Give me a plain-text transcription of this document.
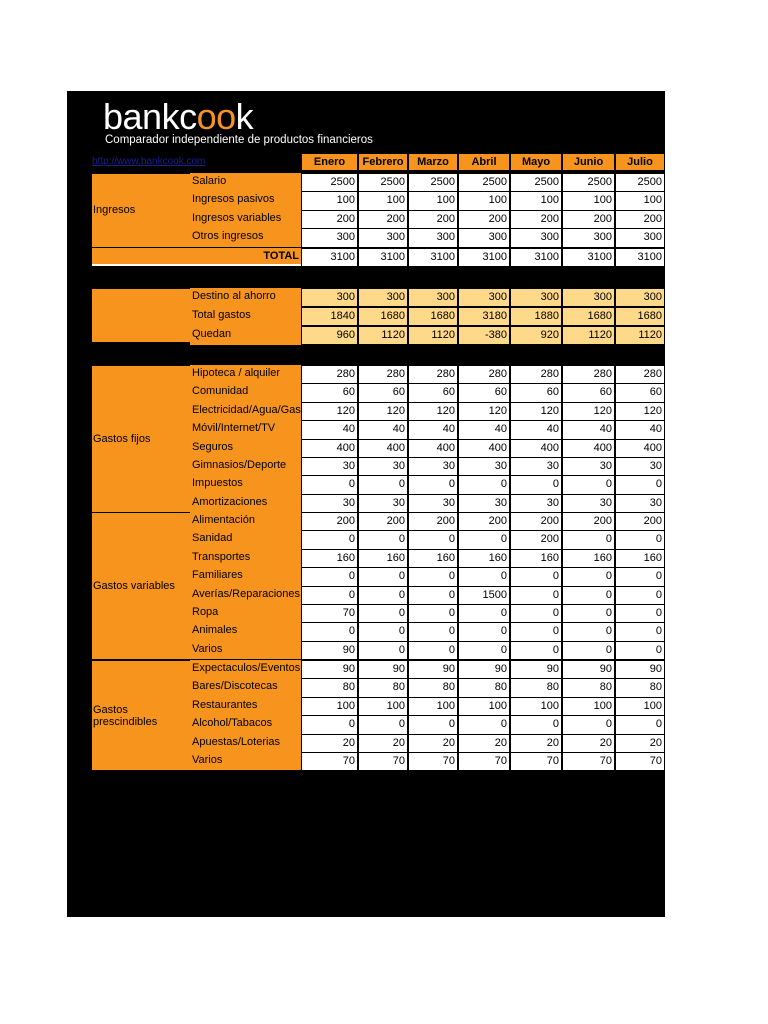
bankcook
Comparador independiente de productos financieros
http://www.bankcook.com	Enero	Febrero	Marzo	Abril	Mayo	Junio	Julio
Ingresos
Salario	2500	2500	2500	2500	2500	2500	2500
Ingresos pasivos	100	100	100	100	100	100	100
Ingresos variables	200	200	200	200	200	200	200
Otros ingresos	300	300	300	300	300	300	300
TOTAL	3100	3100	3100	3100	3100	3100	3100
Destino al ahorro	300	300	300	300	300	300	300
Total gastos	1840	1680	1680	3180	1880	1680	1680
Quedan	960	1120	1120	-380	920	1120	1120
Gastos fijos
Hipoteca / alquiler	280	280	280	280	280	280	280
Comunidad	60	60	60	60	60	60	60
Electricidad/Agua/Gas	120	120	120	120	120	120	120
Móvil/Internet/TV	40	40	40	40	40	40	40
Seguros	400	400	400	400	400	400	400
Gimnasios/Deporte	30	30	30	30	30	30	30
Impuestos	0	0	0	0	0	0	0
Amortizaciones	30	30	30	30	30	30	30
Gastos variables
Alimentación	200	200	200	200	200	200	200
Sanidad	0	0	0	0	200	0	0
Transportes	160	160	160	160	160	160	160
Familiares	0	0	0	0	0	0	0
Averías/Reparaciones	0	0	0	1500	0	0	0
Ropa	70	0	0	0	0	0	0
Animales	0	0	0	0	0	0	0
Varios	90	0	0	0	0	0	0
Gastos prescindibles
Expectaculos/Eventos	90	90	90	90	90	90	90
Bares/Discotecas	80	80	80	80	80	80	80
Restaurantes	100	100	100	100	100	100	100
Alcohol/Tabacos	0	0	0	0	0	0	0
Apuestas/Loterias	20	20	20	20	20	20	20
Varios	70	70	70	70	70	70	70
